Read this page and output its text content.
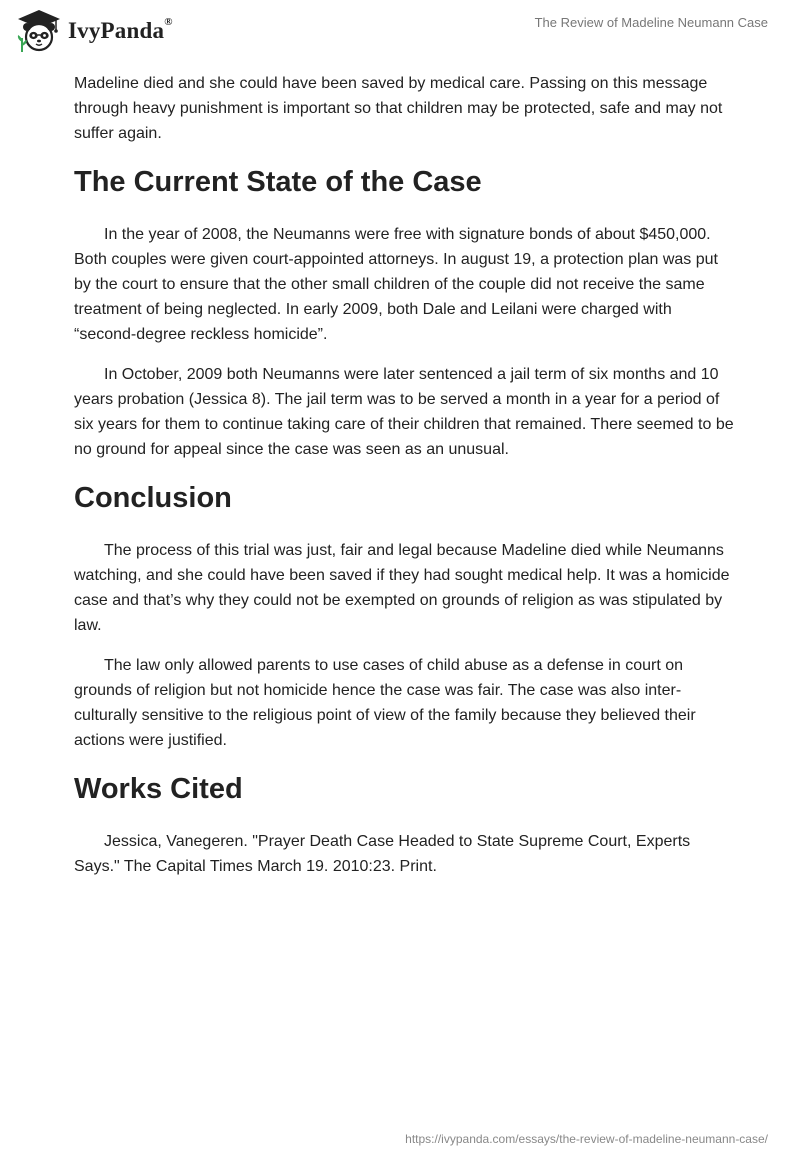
IvyPanda®	The Review of Madeline Neumann Case

Madeline died and she could have been saved by medical care. Passing on this message through heavy punishment is important so that children may be protected, safe and may not suffer again.

The Current State of the Case

In the year of 2008, the Neumanns were free with signature bonds of about $450,000. Both couples were given court-appointed attorneys. In august 19, a protection plan was put by the court to ensure that the other small children of the couple did not receive the same treatment of being neglected. In early 2009, both Dale and Leilani were charged with “second-degree reckless homicide”.

In October, 2009 both Neumanns were later sentenced a jail term of six months and 10 years probation (Jessica 8). The jail term was to be served a month in a year for a period of six years for them to continue taking care of their children that remained. There seemed to be no ground for appeal since the case was seen as an unusual.

Conclusion

The process of this trial was just, fair and legal because Madeline died while Neumanns watching, and she could have been saved if they had sought medical help. It was a homicide case and that’s why they could not be exempted on grounds of religion as was stipulated by law.

The law only allowed parents to use cases of child abuse as a defense in court on grounds of religion but not homicide hence the case was fair. The case was also inter-culturally sensitive to the religious point of view of the family because they believed their actions were justified.

Works Cited

Jessica, Vanegeren. "Prayer Death Case Headed to State Supreme Court, Experts Says." The Capital Times March 19. 2010:23. Print.

https://ivypanda.com/essays/the-review-of-madeline-neumann-case/
